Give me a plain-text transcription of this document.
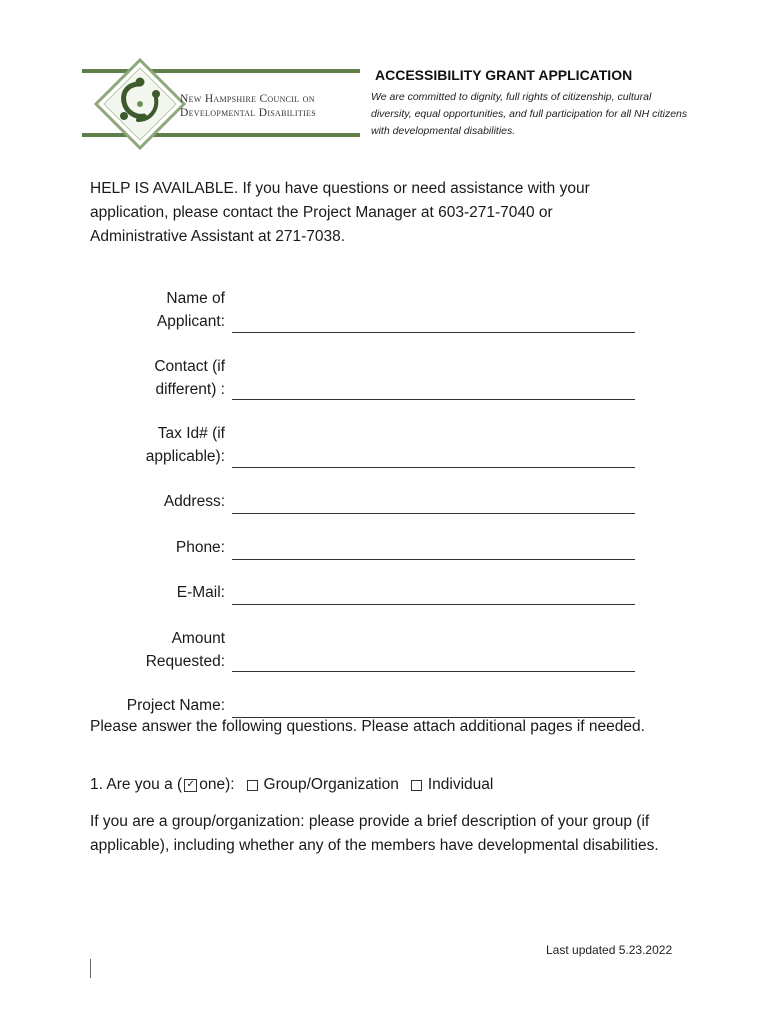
New Hampshire Council on
Developmental Disabilities
ACCESSIBILITY GRANT APPLICATION
We are committed to dignity, full rights of citizenship, cultural diversity, equal opportunities, and full participation for all NH citizens with developmental disabilities.
HELP IS AVAILABLE. If you have questions or need assistance with your application, please contact the Project Manager at 603-271-7040 or Administrative Assistant at 271-7038.
Name of
Applicant:
Contact (if
different) :
Tax Id# (if
applicable):
Address:
Phone:
E-Mail:
Amount
Requested:
Project Name:
Please answer the following questions. Please attach additional pages if needed.
1. Are you a ( ✓ one): Group/Organization Individual
If you are a group/organization: please provide a brief description of your group (if applicable), including whether any of the members have developmental disabilities.
Last updated 5.23.2022
